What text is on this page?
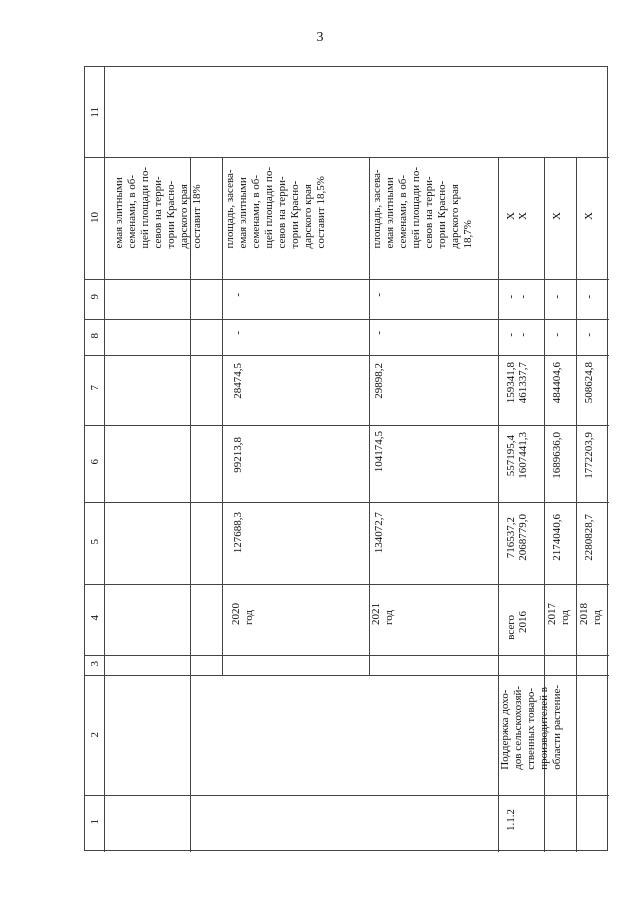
3
11
10
9
8
7
6
5
4
3
2
1
емая элитными семенами, в об- щей площади по- севов на терри- тории Красно- дарского края составит 18% площадь, засева- емая элитными семенами, в об- щей площади по- севов на терри- тории Красно- дарского края составит 18,5%
-
-
28474,5
99213,8
127688,3
2020 год
площадь, засева- емая элитными семенами, в об- щей площади по- севов на терри- тории Красно- дарского края 18,7%
-
-
29898,2
104174,5
134072,7
2021 год
X
-
-
159341,8
557195,4
716537,2
всего
X
-
-
461337,7
1607441,3
2068779,0
2016
X
-
-
484404,6
1689636,0
2174040,6
2017 год
X
-
-
508624,8
1772203,9
2280828,7
2018 год
Поддержка дохо- дов сельскохозяй- ственных товаро- производителей в области растение-
1.1.2
